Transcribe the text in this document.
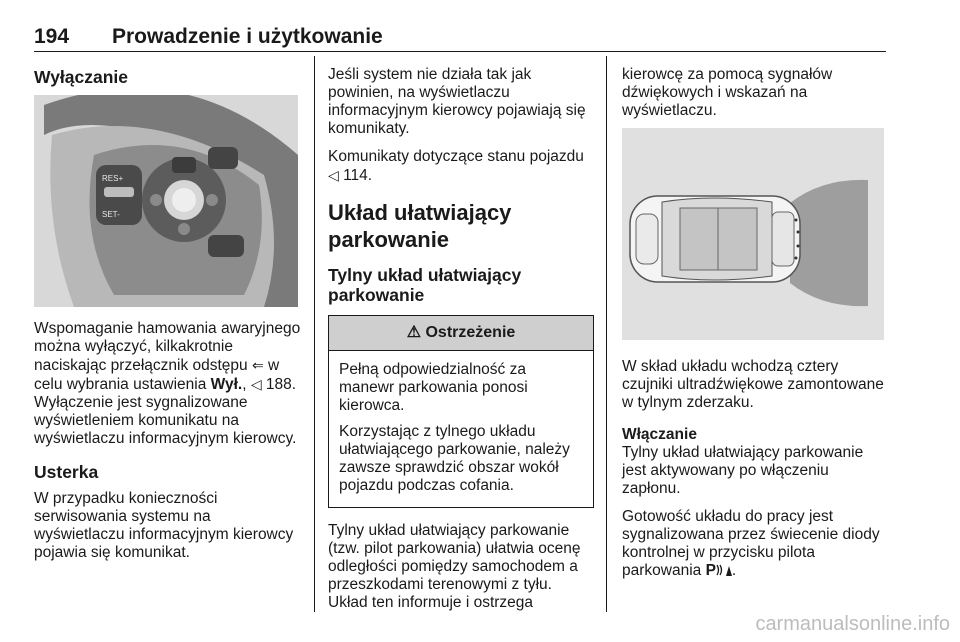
194 Prowadzenie i użytkowanie
Wyłączanie
RES+
SET-

Wspomaganie hamowania awaryjnego można wyłączyć, kilkakrotnie naciskając przełącznik odstępu ⇐ w celu wybrania ustawienia Wył., ◁ 188. Wyłączenie jest sygnalizowane wyświetleniem komunikatu na wyświetlaczu informacyjnym kierowcy.

Usterka

W przypadku konieczności serwisowania systemu na wyświetlaczu informacyjnym kierowcy pojawia się komunikat.

Jeśli system nie działa tak jak powinien, na wyświetlaczu informacyjnym kierowcy pojawiają się komunikaty.

Komunikaty dotyczące stanu pojazdu ◁ 114.

Układ ułatwiający parkowanie
Tylny układ ułatwiający parkowanie
⚠ Ostrzeżenie

Pełną odpowiedzialność za manewr parkowania ponosi kierowca.

Korzystając z tylnego układu ułatwiającego parkowanie, należy zawsze sprawdzić obszar wokół pojazdu podczas cofania.

Tylny układ ułatwiający parkowanie (tzw. pilot parkowania) ułatwia ocenę odległości pomiędzy samochodem a przeszkodami terenowymi z tyłu. Układ ten informuje i ostrzega

kierowcę za pomocą sygnałów dźwiękowych i wskazań na wyświetlaczu.

W skład układu wchodzą cztery czujniki ultradźwiękowe zamontowane w tylnym zderzaku.

Włączanie

Tylny układ ułatwiający parkowanie jest aktywowany po włączeniu zapłonu.

Gotowość układu do pracy jest sygnalizowana przez świecenie diody kontrolnej w przycisku pilota parkowania P .

carmanualsonline.info
